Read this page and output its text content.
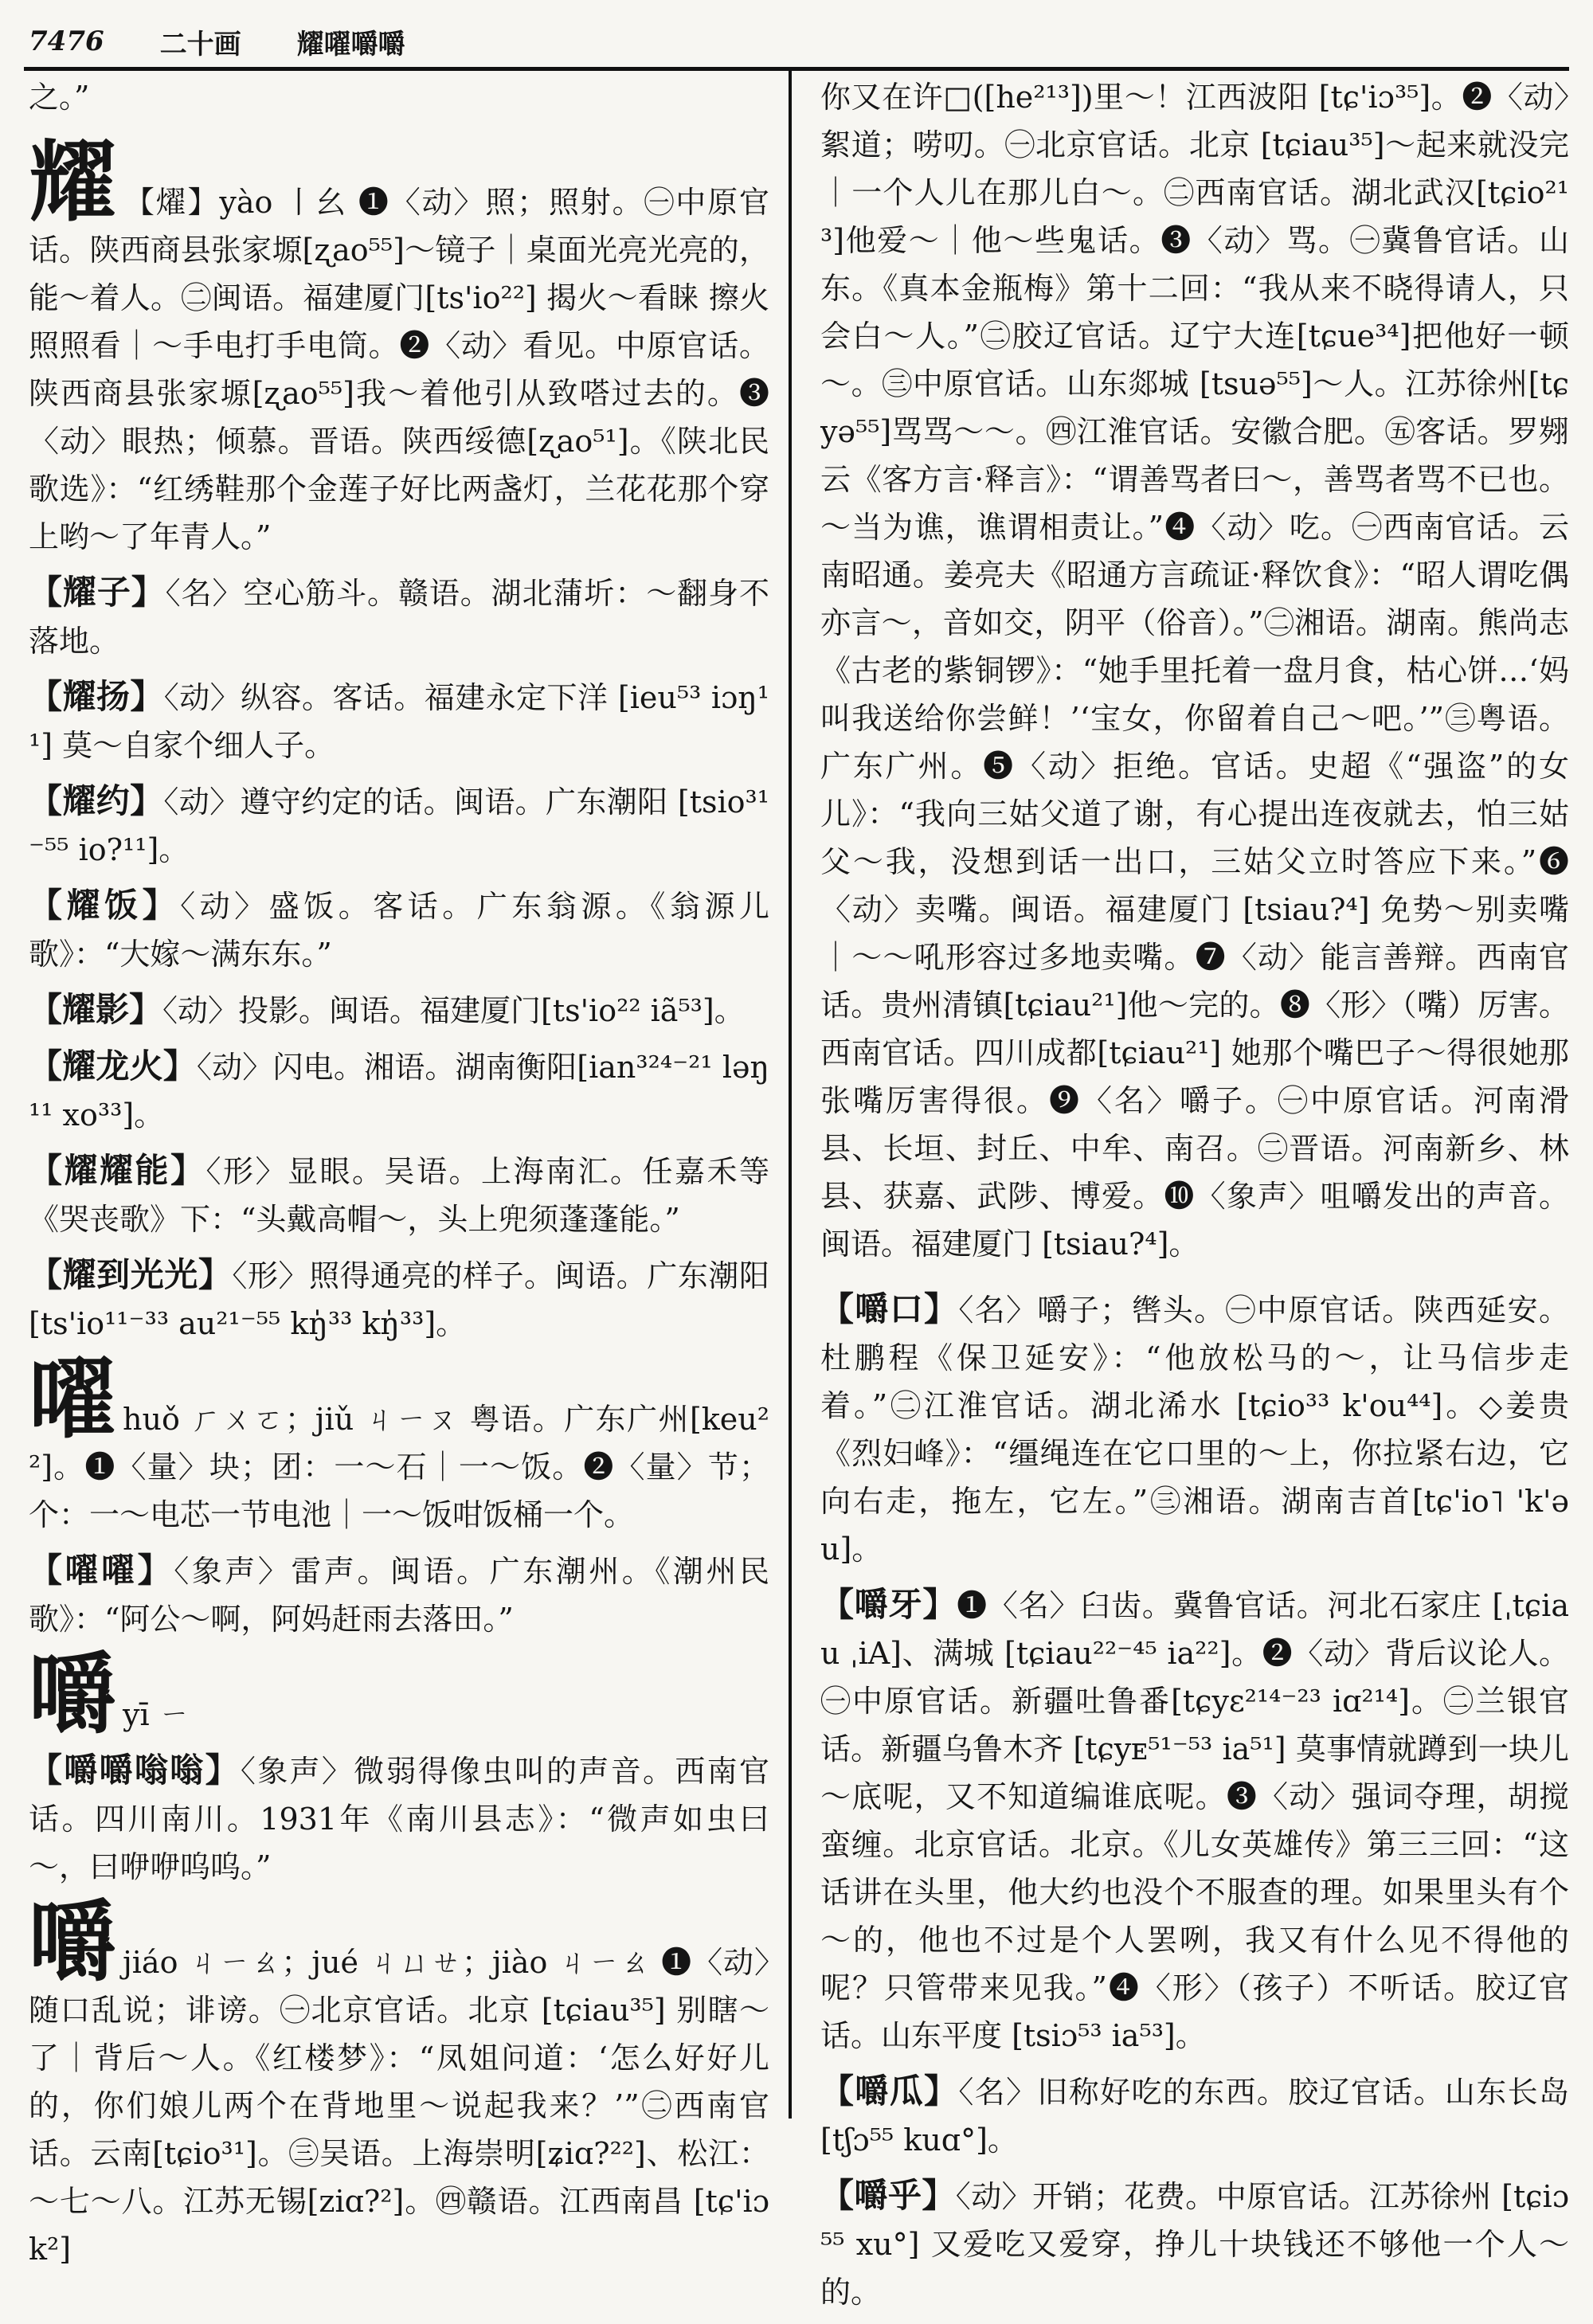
7476 二十画 耀嚁嚼嚼

之。”

耀 【燿】yào 丨幺 ❶〈动〉照；照射。㊀中原官话。陕西商县张家塬[ʐao⁵⁵]～镜子｜桌面光亮光亮的，能～着人。㊁闽语。福建厦门[ts'io²²] 揭火～看睐 擦火照照看｜～手电打手电筒。❷〈动〉看见。中原官话。陕西商县张家塬[ʐao⁵⁵]我～着他引从致嗒过去的。❸〈动〉眼热；倾慕。晋语。陕西绥德[ʐao⁵¹]。《陕北民歌选》：“红绣鞋那个金莲子好比两盏灯，兰花花那个穿上哟～了年青人。”

【耀子】〈名〉空心筋斗。赣语。湖北蒲圻：～翻身不落地。

【耀扬】〈动〉纵容。客话。福建永定下洋 [ieu⁵³ iɔŋ¹¹] 莫～自家个细人子。

【耀约】〈动〉遵守约定的话。闽语。广东潮阳 [tsio³¹⁻⁵⁵ io?¹¹]。

【耀饭】〈动〉盛饭。客话。广东翁源。《翁源儿歌》：“大嫁～满东东。”

【耀影】〈动〉投影。闽语。福建厦门[ts'io²² iã⁵³]。

【耀龙火】〈动〉闪电。湘语。湖南衡阳[ian³²⁴⁻²¹ ləŋ¹¹ xo³³]。

【耀耀能】〈形〉显眼。吴语。上海南汇。任嘉禾等《哭丧歌》下：“头戴高帽～，头上兜须蓬蓬能。”

【耀到光光】〈形〉照得通亮的样子。闽语。广东潮阳 [ts'io¹¹⁻³³ au²¹⁻⁵⁵ kŋ̍³³ kŋ̍³³]。

嚁huǒ ㄏㄨㄛ；jiǔ ㄐㄧㄡ 粤语。广东广州[keu²²]。❶〈量〉块；团：一～石｜一～饭。❷〈量〉节；个：一～电芯一节电池｜一～饭咁饭桶一个。

【嚁嚁】〈象声〉雷声。闽语。广东潮州。《潮州民歌》：“阿公～啊，阿妈赶雨去落田。”

嚼yī ㄧ

【嚼嚼嗡嗡】〈象声〉微弱得像虫叫的声音。西南官话。四川南川。1931年《南川县志》：“微声如虫曰～，曰咿咿呜呜。”

嚼jiáo ㄐㄧㄠ；jué ㄐㄩㄝ；jiào ㄐㄧㄠ ❶〈动〉随口乱说；诽谤。㊀北京官话。北京 [tɕiau³⁵] 别瞎～了｜背后～人。《红楼梦》：“凤姐问道：‘怎么好好儿的，你们娘儿两个在背地里～说起我来？’”㊁西南官话。云南[tɕio³¹]。㊂吴语。上海崇明[ʑiɑ?²²]、松江：～七～八。江苏无锡[ziɑ?²]。㊃赣语。江西南昌 [tɕ'iɔk²]

你又在许□([he²¹³])里～！江西波阳 [tɕ'iɔ³⁵]。❷〈动〉絮道；唠叨。㊀北京官话。北京 [tɕiau³⁵]～起来就没完｜一个人儿在那儿白～。㊁西南官话。湖北武汉[tɕio²¹³]他爱～｜他～些鬼话。❸〈动〉骂。㊀冀鲁官话。山东。《真本金瓶梅》第十二回：“我从来不晓得请人，只会白～人。”㊁胶辽官话。辽宁大连[tɕue³⁴]把他好一顿～。㊂中原官话。山东郯城 [tsuə⁵⁵]～人。江苏徐州[tɕyə⁵⁵]骂骂～～。㊃江淮官话。安徽合肥。㊄客话。罗翙云《客方言·释言》：“谓善骂者曰～，善骂者骂不已也。～当为谯，谯谓相责让。”❹〈动〉吃。㊀西南官话。云南昭通。姜亮夫《昭通方言疏证·释饮食》：“昭人谓吃偶亦言～，音如交，阴平（俗音）。”㊁湘语。湖南。熊尚志《古老的紫铜锣》：“她手里托着一盘月食，枯心饼…‘妈叫我送给你尝鲜！’‘宝女，你留着自己～吧。’”㊂粤语。广东广州。❺〈动〉拒绝。官话。史超《“强盗”的女儿》：“我向三姑父道了谢，有心提出连夜就去，怕三姑父～我，没想到话一出口，三姑父立时答应下来。”❻〈动〉卖嘴。闽语。福建厦门 [tsiau?⁴] 免势～别卖嘴｜～～吼形容过多地卖嘴。❼〈动〉能言善辩。西南官话。贵州清镇[tɕiau²¹]他～完的。❽〈形〉（嘴）厉害。西南官话。四川成都[tɕiau²¹] 她那个嘴巴子～得很她那张嘴厉害得很。❾〈名〉嚼子。㊀中原官话。河南滑县、长垣、封丘、中牟、南召。㊁晋语。河南新乡、林县、获嘉、武陟、博爱。❿〈象声〉咀嚼发出的声音。闽语。福建厦门 [tsiau?⁴]。

【嚼口】〈名〉嚼子；辔头。㊀中原官话。陕西延安。杜鹏程《保卫延安》：“他放松马的～，让马信步走着。”㊁江淮官话。湖北浠水 [tɕio³³ k'ou⁴⁴]。◇姜贵《烈妇峰》：“缰绳连在它口里的～上，你拉紧右边，它向右走，拖左，它左。”㊂湘语。湖南吉首[tɕ'io˥ 'k'əu]。

【嚼牙】❶〈名〉臼齿。冀鲁官话。河北石家庄 [ˌtɕiau ˌiA]、满城 [tɕiau²²⁻⁴⁵ ia²²]。❷〈动〉背后议论人。㊀中原官话。新疆吐鲁番[tɕyɛ²¹⁴⁻²³ iɑ²¹⁴]。㊁兰银官话。新疆乌鲁木齐 [tɕyᴇ⁵¹⁻⁵³ ia⁵¹] 莫事情就蹲到一块儿～底呢，又不知道编谁底呢。❸〈动〉强词夺理，胡搅蛮缠。北京官话。北京。《儿女英雄传》第三三回：“这话讲在头里，他大约也没个不服查的理。如果里头有个～的，他也不过是个人罢咧，我又有什么见不得他的呢？只管带来见我。”❹〈形〉（孩子）不听话。胶辽官话。山东平度 [tsiɔ⁵³ ia⁵³]。

【嚼瓜】〈名〉旧称好吃的东西。胶辽官话。山东长岛 [tʃɔ⁵⁵ kuɑ°]。

【嚼乎】〈动〉开销；花费。中原官话。江苏徐州 [tɕiɔ⁵⁵ xu°] 又爱吃又爱穿，挣儿十块钱还不够他一个人～的。
